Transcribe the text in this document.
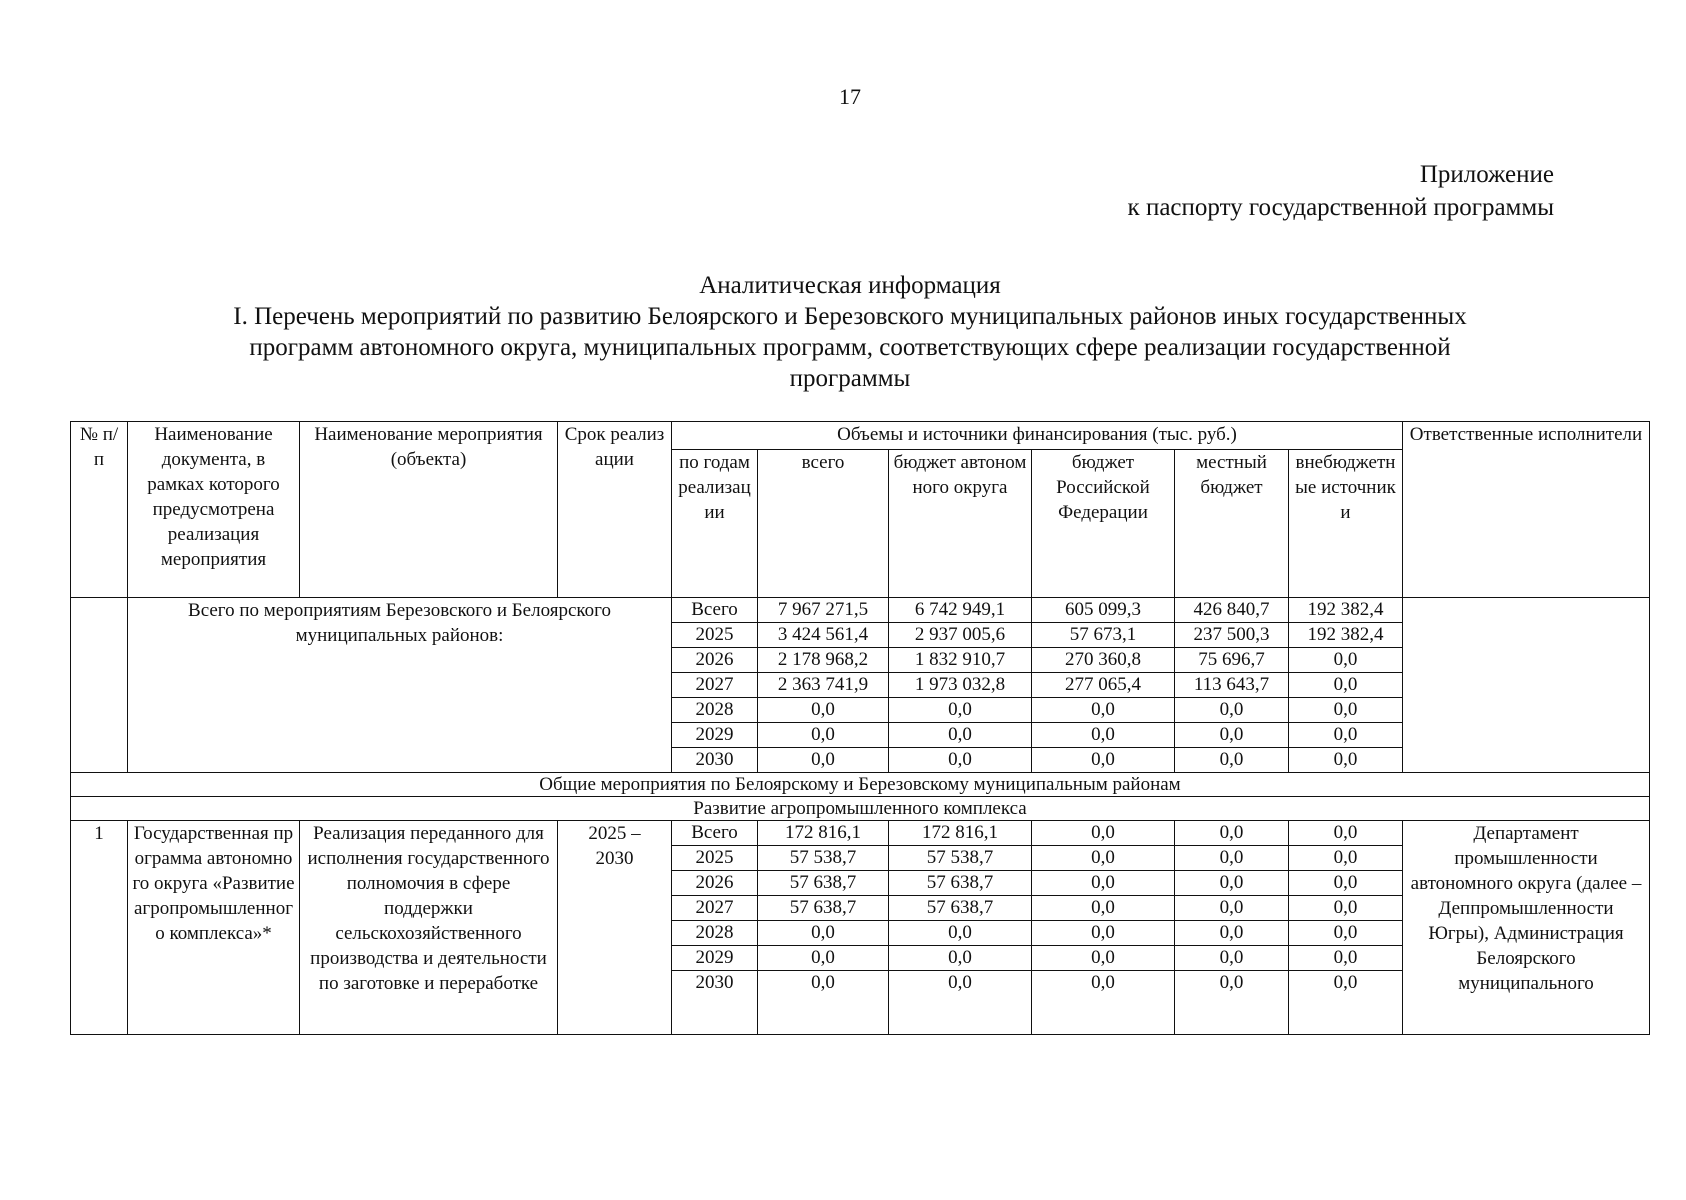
17
Приложение
к паспорту государственной программы
Аналитическая информация
I. Перечень мероприятий по развитию Белоярского и Березовского муниципальных районов иных государственных
программ автономного округа, муниципальных программ, соответствующих сфере реализации государственной
программы
№ п/п	Наименование документа, в рамках которого предусмотрена реализация мероприятия	Наименование мероприятия (объекта)	Срок реализации	Объемы и источники финансирования (тыс. руб.)						Ответственные исполнители
				по годам реализации	всего	бюджет автономного округа	бюджет Российской Федерации	местный бюджет	внебюджетные источники	
	Всего по мероприятиям Березовского и Белоярского муниципальных районов:			Всего	7 967 271,5	6 742 949,1	605 099,3	426 840,7	192 382,4	
				2025	3 424 561,4	2 937 005,6	57 673,1	237 500,3	192 382,4	
				2026	2 178 968,2	1 832 910,7	270 360,8	75 696,7	0,0	
				2027	2 363 741,9	1 973 032,8	277 065,4	113 643,7	0,0	
				2028	0,0	0,0	0,0	0,0	0,0	
				2029	0,0	0,0	0,0	0,0	0,0	
				2030	0,0	0,0	0,0	0,0	0,0	
Общие мероприятия по Белоярскому и Березовскому муниципальным районам										
Развитие агропромышленного комплекса										
1	Государственная программа автономного округа «Развитие агропромышленного комплекса»*	Реализация переданного для исполнения государственного полномочия в сфере поддержки сельскохозяйственного производства и деятельности по заготовке и переработке	2025 – 2030	Всего	172 816,1	172 816,1	0,0	0,0	0,0	Департамент промышленности автономного округа (далее – Деппромышленности Югры), Администрация Белоярского муниципального
				2025	57 538,7	57 538,7	0,0	0,0	0,0	
				2026	57 638,7	57 638,7	0,0	0,0	0,0	
				2027	57 638,7	57 638,7	0,0	0,0	0,0	
				2028	0,0	0,0	0,0	0,0	0,0	
				2029	0,0	0,0	0,0	0,0	0,0	
				2030	0,0	0,0	0,0	0,0	0,0	
